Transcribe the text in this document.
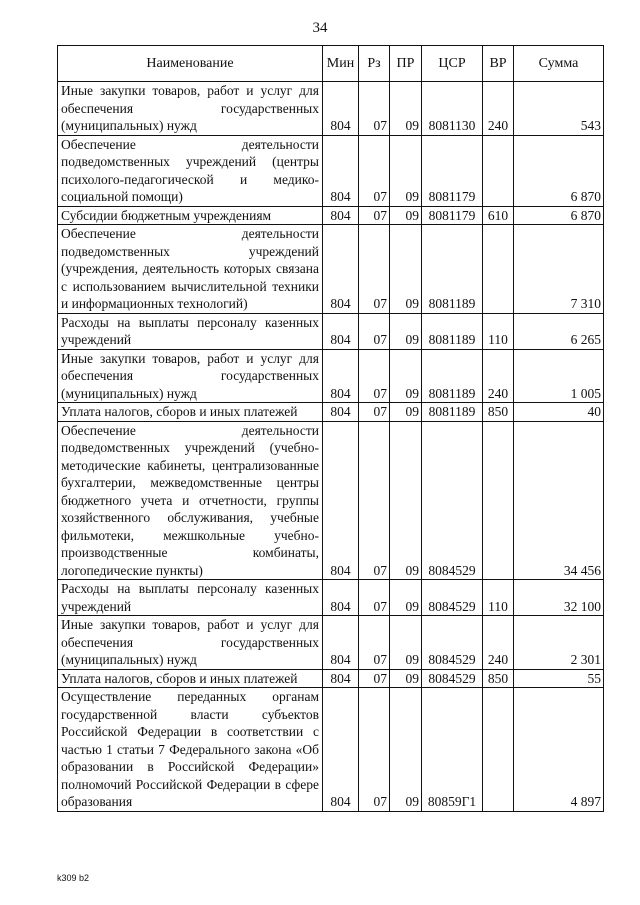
34
Наименование	Мин	Рз	ПР	ЦСР	ВР	Сумма
Иные закупки товаров, работ и услуг для обеспечения государственных (муниципальных) нужд	804	07	09	8081130	240	543
Обеспечение деятельности подведомственных учреждений (центры психолого-педагогической и медико-социальной помощи)	804	07	09	8081179		6 870
Субсидии бюджетным учреждениям	804	07	09	8081179	610	6 870
Обеспечение деятельности подведомственных учреждений (учреждения, деятельность которых связана с использованием вычислительной техники и информационных технологий)	804	07	09	8081189		7 310
Расходы на выплаты персоналу казенных учреждений	804	07	09	8081189	110	6 265
Иные закупки товаров, работ и услуг для обеспечения государственных (муниципальных) нужд	804	07	09	8081189	240	1 005
Уплата налогов, сборов и иных платежей	804	07	09	8081189	850	40
Обеспечение деятельности подведомственных учреждений (учебно-методические кабинеты, централизованные бухгалтерии, межведомственные центры бюджетного учета и отчетности, группы хозяйственного обслуживания, учебные фильмотеки, межшкольные учебно-производственные комбинаты, логопедические пункты)	804	07	09	8084529		34 456
Расходы на выплаты персоналу казенных учреждений	804	07	09	8084529	110	32 100
Иные закупки товаров, работ и услуг для обеспечения государственных (муниципальных) нужд	804	07	09	8084529	240	2 301
Уплата налогов, сборов и иных платежей	804	07	09	8084529	850	55
Осуществление переданных органам государственной власти субъектов Российской Федерации в соответствии с частью 1 статьи 7 Федерального закона «Об образовании в Российской Федерации» полномочий Российской Федерации в сфере образования	804	07	09	80859Г1		4 897
k309 b2
